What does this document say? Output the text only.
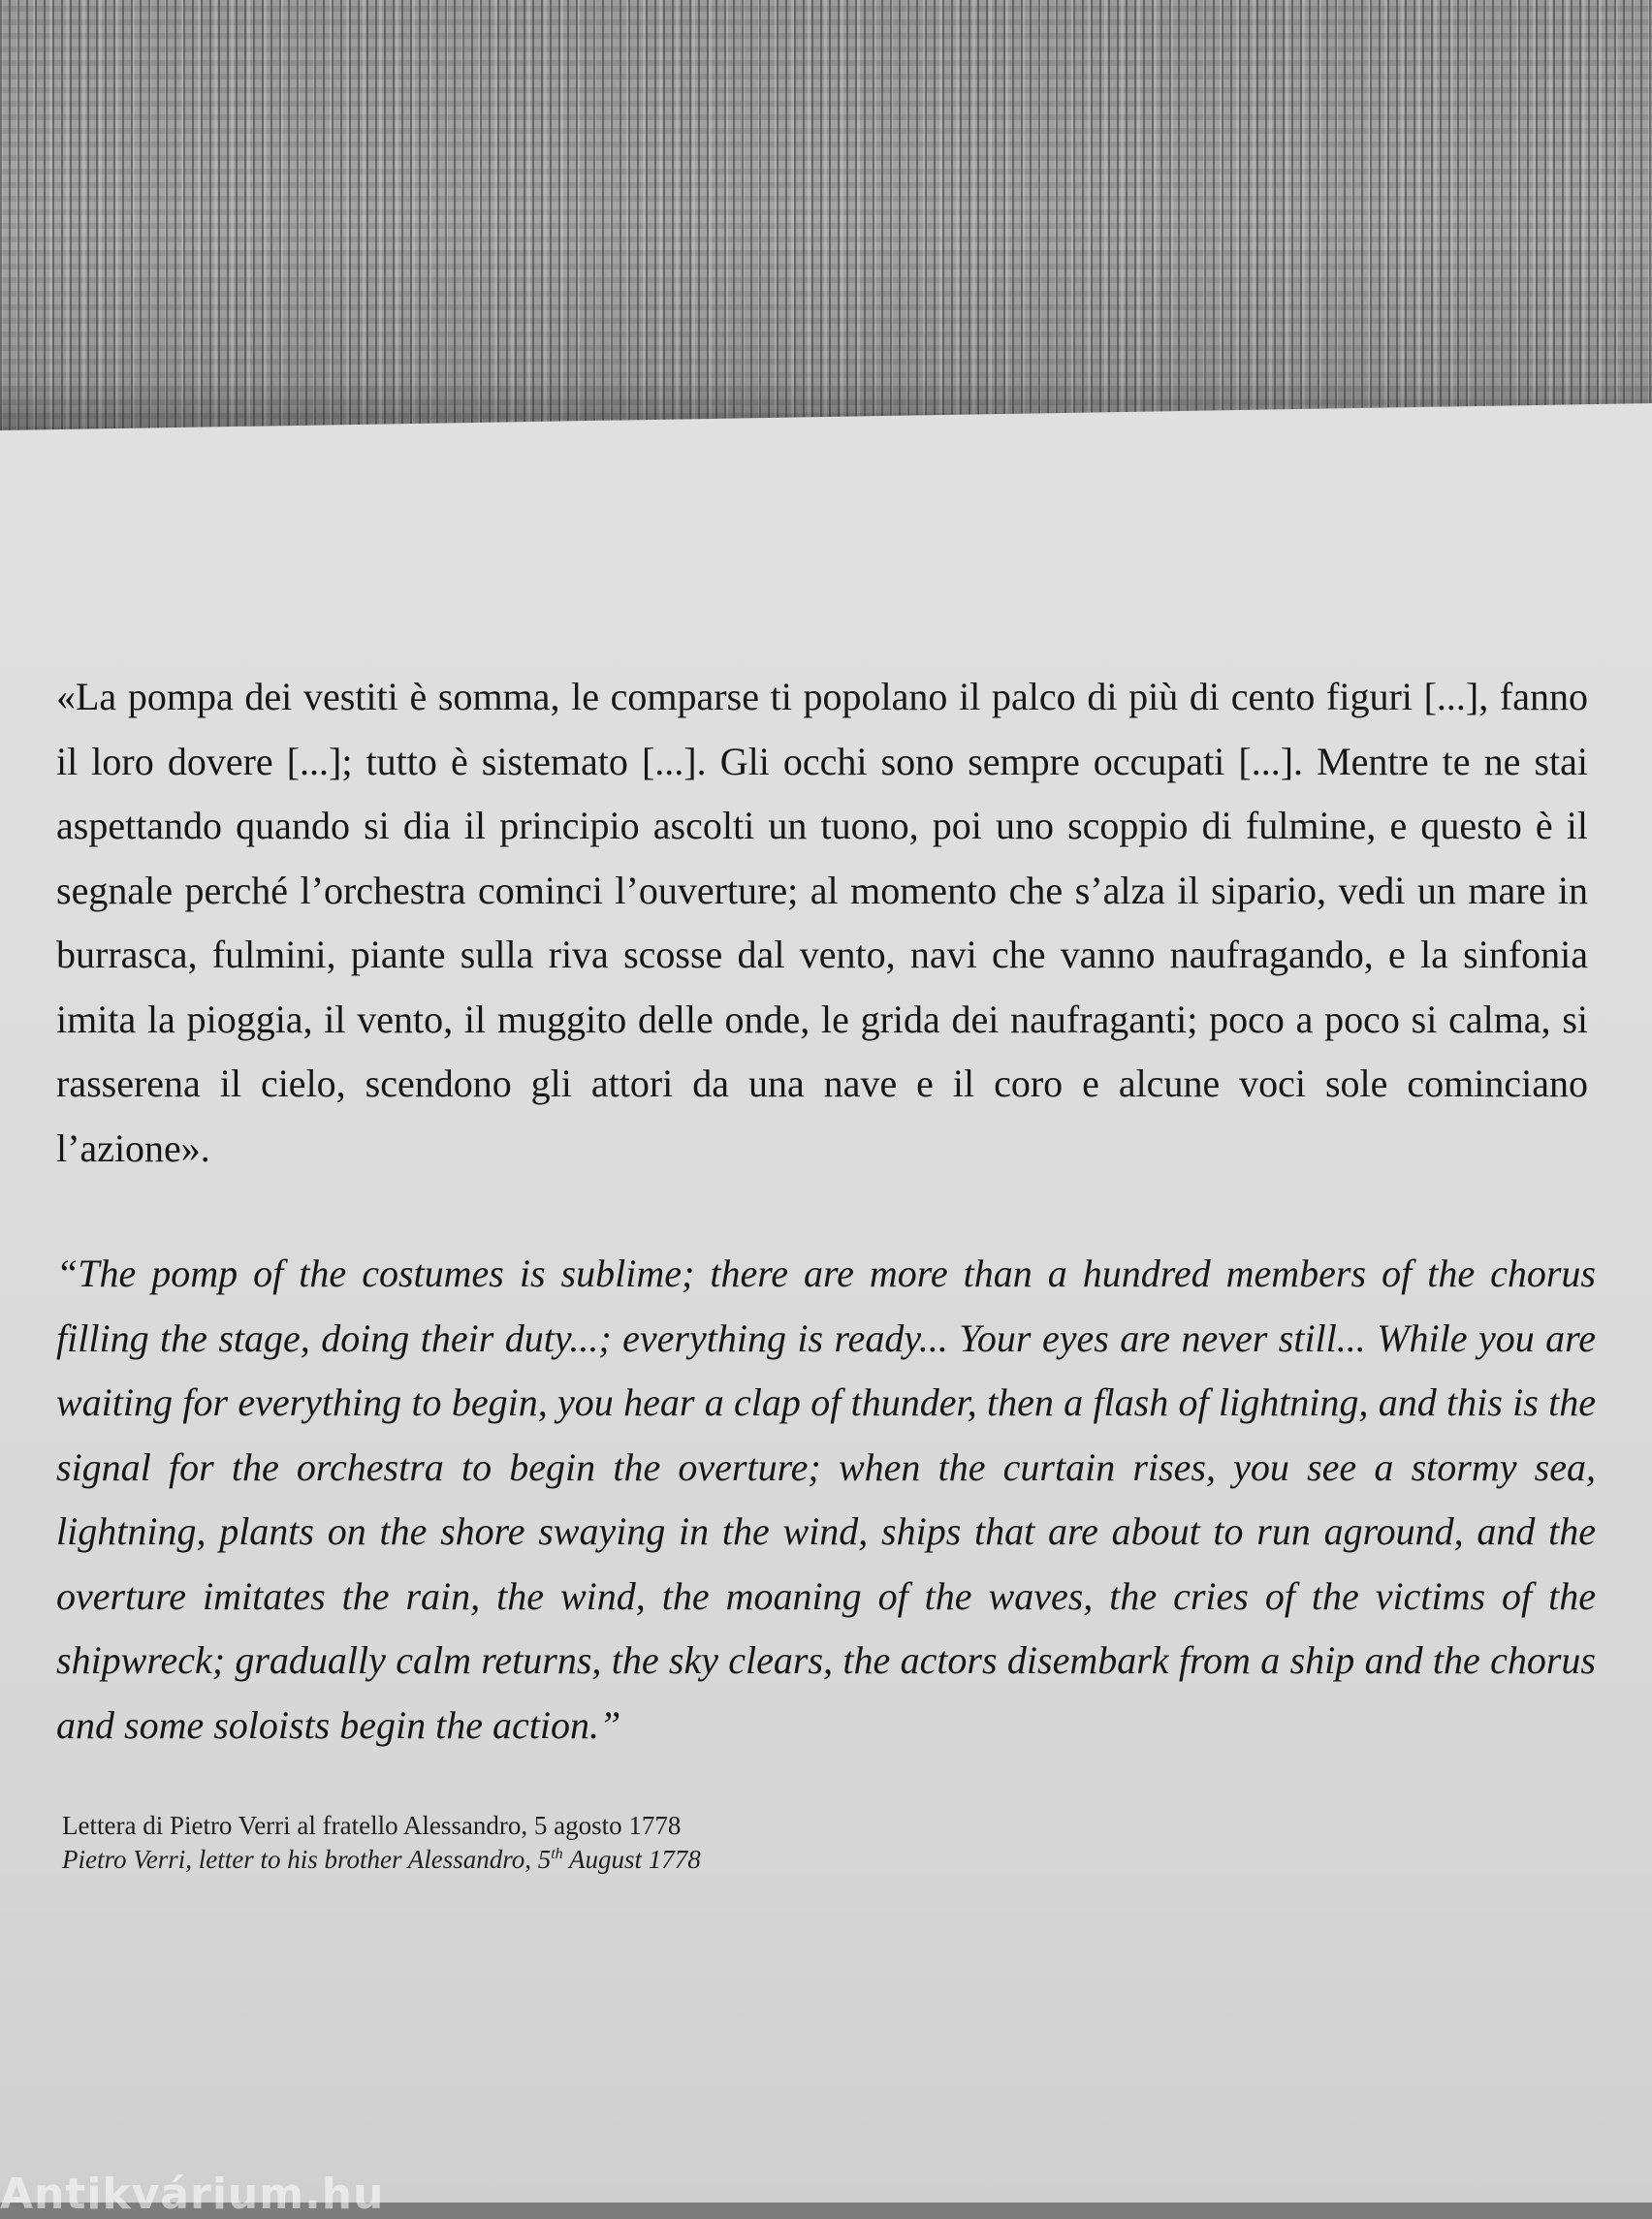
«La pompa dei vestiti è somma, le comparse ti popolano il palco di più di cento figuri [...], fanno il loro dovere [...]; tutto è sistemato [...]. Gli occhi sono sempre occupati [...]. Mentre te ne stai aspettando quando si dia il principio ascolti un tuono, poi uno scoppio di fulmine, e questo è il segnale perché l’orchestra cominci l’ouverture; al momento che s’alza il sipario, vedi un mare in burrasca, fulmini, piante sulla riva scosse dal vento, navi che vanno naufragando, e la sinfonia imita la pioggia, il vento, il muggito delle onde, le grida dei naufraganti; poco a poco si calma, si rasserena il cielo, scendono gli attori da una nave e il coro e alcune voci sole cominciano l’azione».

“The pomp of the costumes is sublime; there are more than a hundred members of the chorus filling the stage, doing their duty...; everything is ready... Your eyes are never still... While you are waiting for everything to begin, you hear a clap of thunder, then a flash of lightning, and this is the signal for the orchestra to begin the overture; when the curtain rises, you see a stormy sea, lightning, plants on the shore swaying in the wind, ships that are about to run aground, and the overture imitates the rain, the wind, the moaning of the waves, the cries of the victims of the shipwreck; gradually calm returns, the sky clears, the actors disembark from a ship and the chorus and some soloists begin the action.”

Lettera di Pietro Verri al fratello Alessandro, 5 agosto 1778

Pietro Verri, letter to his brother Alessandro, 5th August 1778

Antikvárium.hu
